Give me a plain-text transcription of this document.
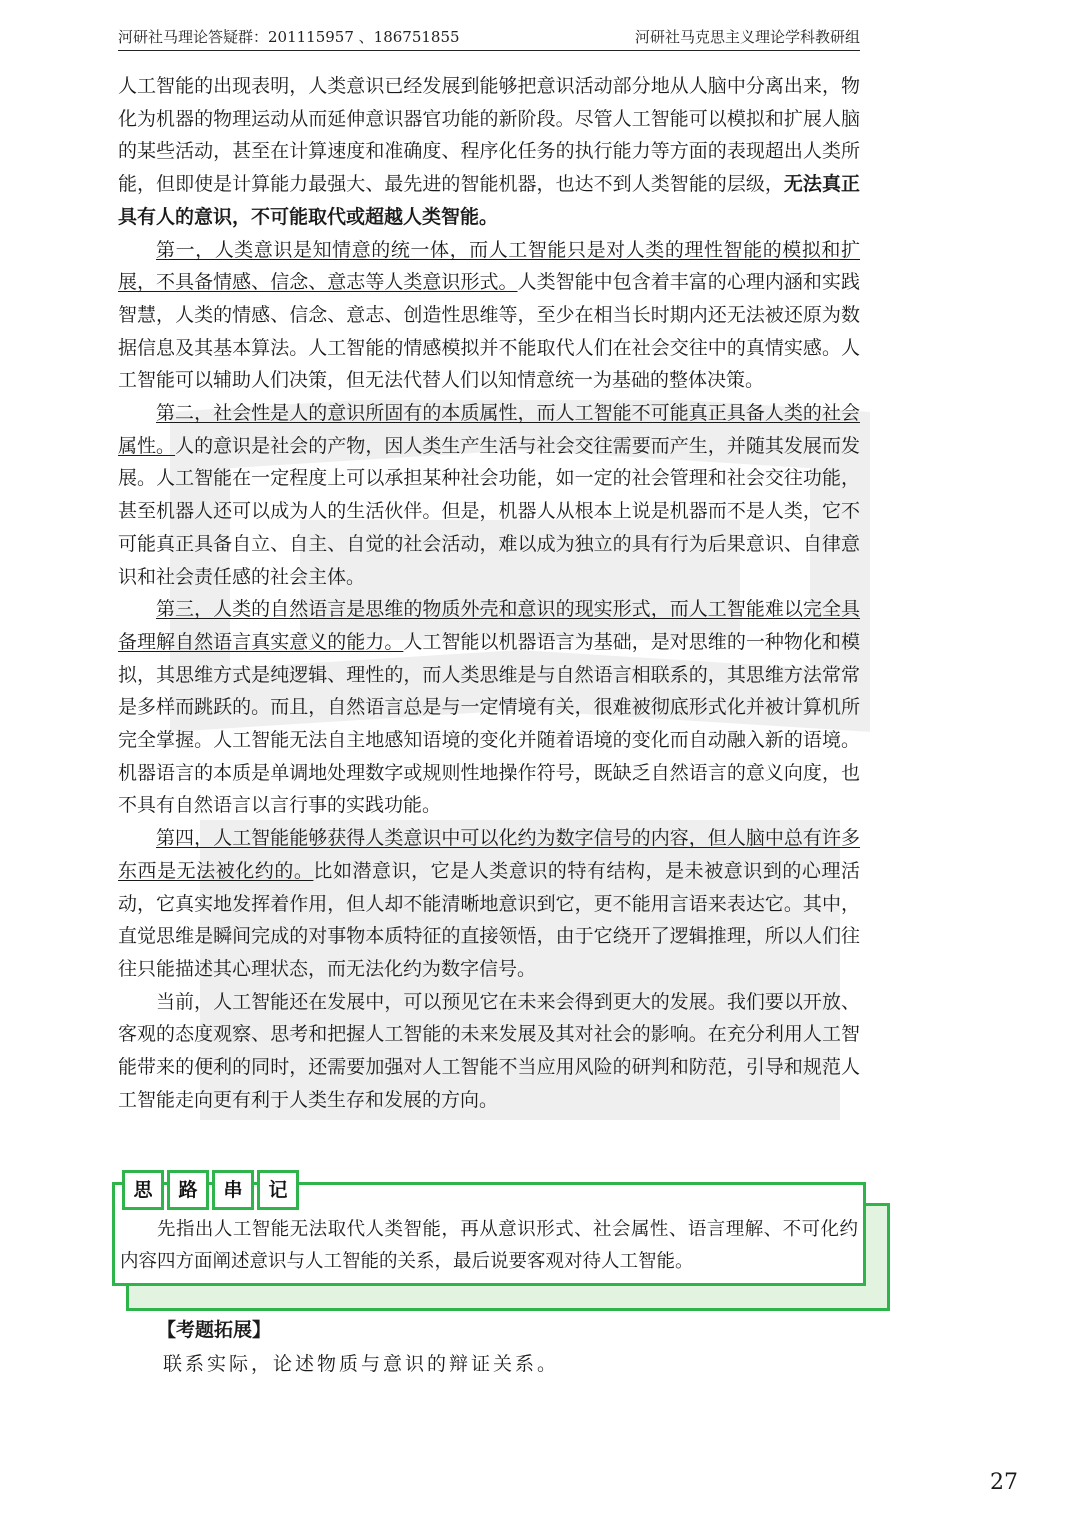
河研社马理论答疑群：201115957 、186751855	河研社马克思主义理论学科教研组

人工智能的出现表明，人类意识已经发展到能够把意识活动部分地从人脑中分离出来，物化为机器的物理运动从而延伸意识器官功能的新阶段。尽管人工智能可以模拟和扩展人脑的某些活动，甚至在计算速度和准确度、程序化任务的执行能力等方面的表现超出人类所能，但即使是计算能力最强大、最先进的智能机器，也达不到人类智能的层级，无法真正具有人的意识，不可能取代或超越人类智能。

第一，人类意识是知情意的统一体，而人工智能只是对人类的理性智能的模拟和扩展，不具备情感、信念、意志等人类意识形式。人类智能中包含着丰富的心理内涵和实践智慧，人类的情感、信念、意志、创造性思维等，至少在相当长时期内还无法被还原为数据信息及其基本算法。人工智能的情感模拟并不能取代人们在社会交往中的真情实感。人工智能可以辅助人们决策，但无法代替人们以知情意统一为基础的整体决策。

第二，社会性是人的意识所固有的本质属性，而人工智能不可能真正具备人类的社会属性。人的意识是社会的产物，因人类生产生活与社会交往需要而产生，并随其发展而发展。人工智能在一定程度上可以承担某种社会功能，如一定的社会管理和社会交往功能，甚至机器人还可以成为人的生活伙伴。但是，机器人从根本上说是机器而不是人类，它不可能真正具备自立、自主、自觉的社会活动，难以成为独立的具有行为后果意识、自律意识和社会责任感的社会主体。

第三，人类的自然语言是思维的物质外壳和意识的现实形式，而人工智能难以完全具备理解自然语言真实意义的能力。人工智能以机器语言为基础，是对思维的一种物化和模拟，其思维方式是纯逻辑、理性的，而人类思维是与自然语言相联系的，其思维方法常常是多样而跳跃的。而且，自然语言总是与一定情境有关，很难被彻底形式化并被计算机所完全掌握。人工智能无法自主地感知语境的变化并随着语境的变化而自动融入新的语境。机器语言的本质是单调地处理数字或规则性地操作符号，既缺乏自然语言的意义向度，也不具有自然语言以言行事的实践功能。

第四，人工智能能够获得人类意识中可以化约为数字信号的内容，但人脑中总有许多东西是无法被化约的。比如潜意识，它是人类意识的特有结构，是未被意识到的心理活动，它真实地发挥着作用，但人却不能清晰地意识到它，更不能用言语来表达它。其中，直觉思维是瞬间完成的对事物本质特征的直接领悟，由于它绕开了逻辑推理，所以人们往往只能描述其心理状态，而无法化约为数字信号。

当前，人工智能还在发展中，可以预见它在未来会得到更大的发展。我们要以开放、客观的态度观察、思考和把握人工智能的未来发展及其对社会的影响。在充分利用人工智能带来的便利的同时，还需要加强对人工智能不当应用风险的研判和防范，引导和规范人工智能走向更有利于人类生存和发展的方向。

思	路	串	记

先指出人工智能无法取代人类智能，再从意识形式、社会属性、语言理解、不可化约内容四方面阐述意识与人工智能的关系，最后说要客观对待人工智能。

【考题拓展】
联系实际，论述物质与意识的辩证关系。
27
